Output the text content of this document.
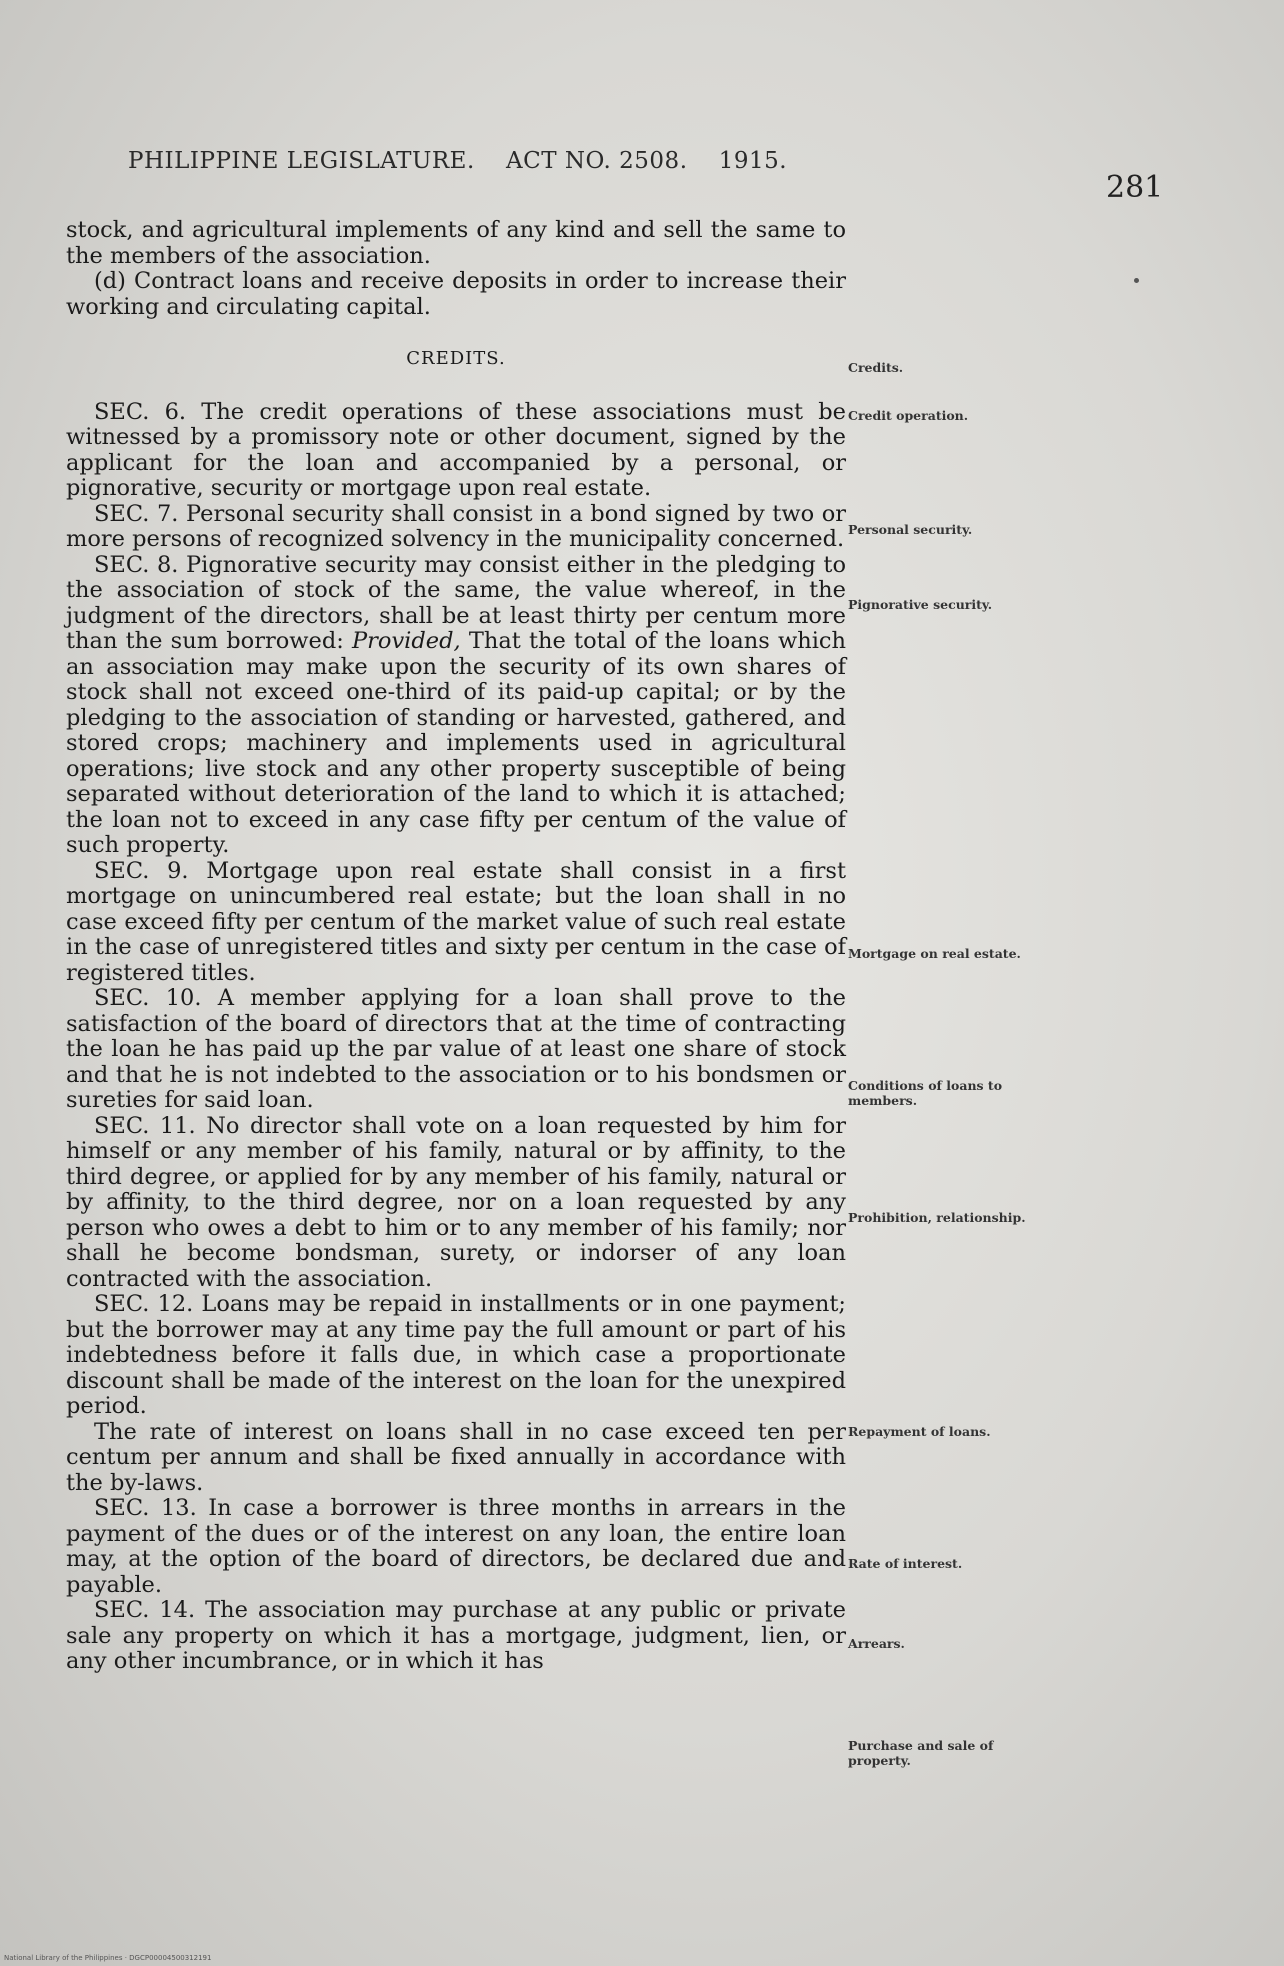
PHILIPPINE LEGISLATURE. ACT NO. 2508. 1915.
281

stock, and agricultural implements of any kind and sell the same to the members of the association.

(d) Contract loans and receive deposits in order to increase their working and circulating capital.

CREDITS.

SEC. 6. The credit operations of these associations must be witnessed by a promissory note or other document, signed by the applicant for the loan and accompanied by a personal, or pignorative, security or mortgage upon real estate.

SEC. 7. Personal security shall consist in a bond signed by two or more persons of recognized solvency in the municipality concerned.

SEC. 8. Pignorative security may consist either in the pledging to the association of stock of the same, the value whereof, in the judgment of the directors, shall be at least thirty per centum more than the sum borrowed: Provided, That the total of the loans which an association may make upon the security of its own shares of stock shall not exceed one-third of its paid-up capital; or by the pledging to the association of standing or harvested, gathered, and stored crops; machinery and implements used in agricultural operations; live stock and any other property susceptible of being separated without deterioration of the land to which it is attached; the loan not to exceed in any case fifty per centum of the value of such property.

SEC. 9. Mortgage upon real estate shall consist in a first mortgage on unincumbered real estate; but the loan shall in no case exceed fifty per centum of the market value of such real estate in the case of unregistered titles and sixty per centum in the case of registered titles.

SEC. 10. A member applying for a loan shall prove to the satisfaction of the board of directors that at the time of contracting the loan he has paid up the par value of at least one share of stock and that he is not indebted to the association or to his bondsmen or sureties for said loan.

SEC. 11. No director shall vote on a loan requested by him for himself or any member of his family, natural or by affinity, to the third degree, or applied for by any member of his family, natural or by affinity, to the third degree, nor on a loan requested by any person who owes a debt to him or to any member of his family; nor shall he become bondsman, surety, or indorser of any loan contracted with the association.

SEC. 12. Loans may be repaid in installments or in one payment; but the borrower may at any time pay the full amount or part of his indebtedness before it falls due, in which case a proportionate discount shall be made of the interest on the loan for the unexpired period.

The rate of interest on loans shall in no case exceed ten per centum per annum and shall be fixed annually in accordance with the by-laws.

SEC. 13. In case a borrower is three months in arrears in the payment of the dues or of the interest on any loan, the entire loan may, at the option of the board of directors, be declared due and payable.

SEC. 14. The association may purchase at any public or private sale any property on which it has a mortgage, judgment, lien, or any other incumbrance, or in which it has

Credits.
Credit operation.
Personal security.
Pignorative security.
Mortgage on real estate.
Conditions of loans to members.
Prohibition, relationship.
Repayment of loans.
Rate of interest.
Arrears.
Purchase and sale of property.
National Library of the Philippines · DGCP00004500312191
